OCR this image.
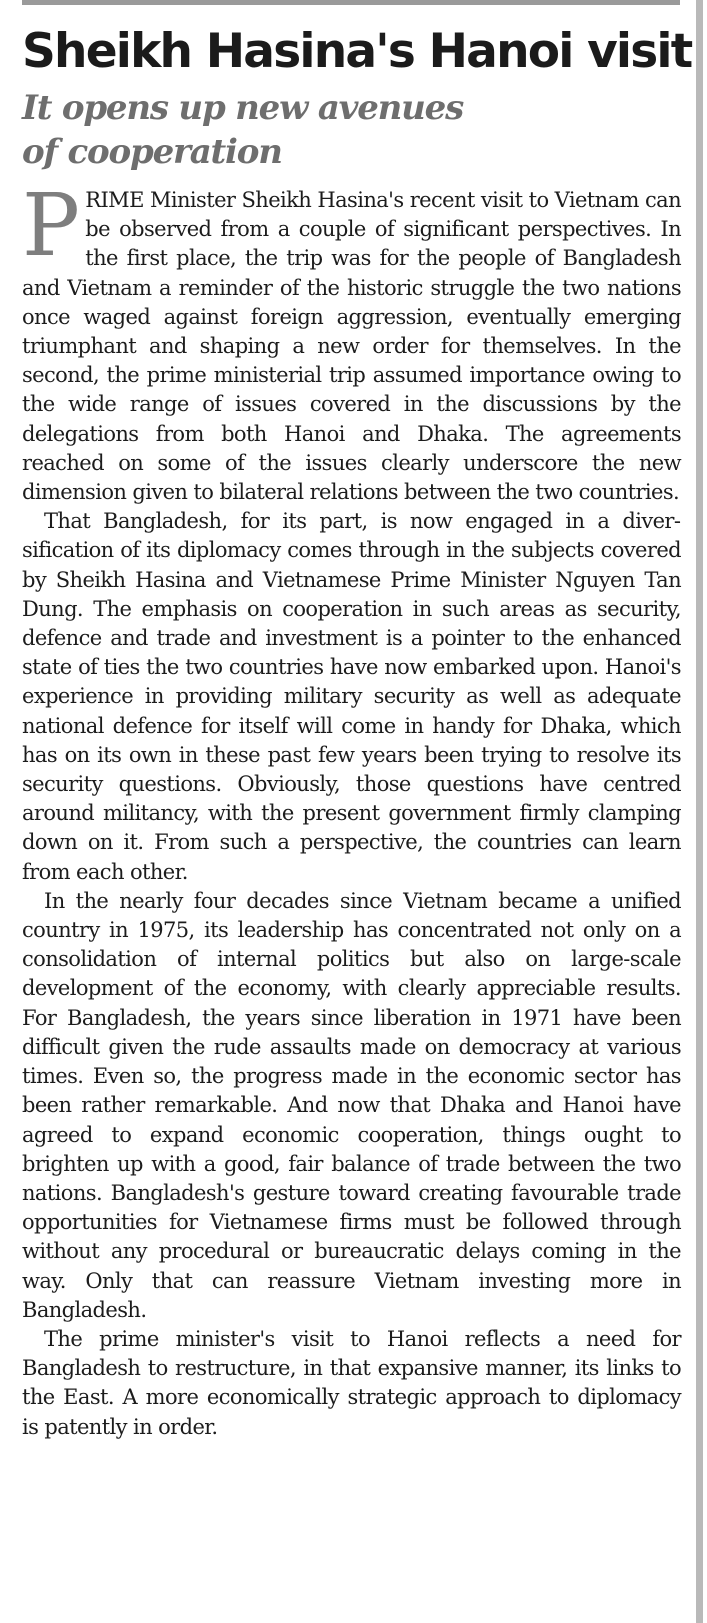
Sheikh Hasina's Hanoi visit
It opens up new avenues
of cooperation

PRIME Minister Sheikh Hasina's recent visit to Vietnam can be observed from a couple of significant perspectives. In the first place, the trip was for the people of Bangladesh and Vietnam a reminder of the historic struggle the two nations once waged against foreign aggression, eventually emerging triumphant and shaping a new order for themselves. In the second, the prime ministerial trip assumed importance owing to the wide range of issues covered in the discussions by the delegations from both Hanoi and Dhaka. The agreements reached on some of the issues clearly underscore the new dimension given to bilateral relations between the two countries.

That Bangladesh, for its part, is now engaged in a diversification of its diplomacy comes through in the subjects covered by Sheikh Hasina and Vietnamese Prime Minister Nguyen Tan Dung. The emphasis on cooperation in such areas as security, defence and trade and investment is a pointer to the enhanced state of ties the two countries have now embarked upon. Hanoi's experience in providing military security as well as adequate national defence for itself will come in handy for Dhaka, which has on its own in these past few years been trying to resolve its security questions. Obviously, those questions have centred around militancy, with the present government firmly clamping down on it. From such a perspective, the countries can learn from each other.

In the nearly four decades since Vietnam became a unified country in 1975, its leadership has concentrated not only on a consolidation of internal politics but also on large-scale development of the economy, with clearly appreciable results. For Bangladesh, the years since liberation in 1971 have been difficult given the rude assaults made on democracy at various times. Even so, the progress made in the economic sector has been rather remarkable. And now that Dhaka and Hanoi have agreed to expand economic cooperation, things ought to brighten up with a good, fair balance of trade between the two nations. Bangladesh's gesture toward creating favourable trade opportunities for Vietnamese firms must be followed through without any procedural or bureaucratic delays coming in the way. Only that can reassure Vietnam investing more in Bangladesh.

The prime minister's visit to Hanoi reflects a need for Bangladesh to restructure, in that expansive manner, its links to the East. A more economically strategic approach to diplomacy is patently in order.
